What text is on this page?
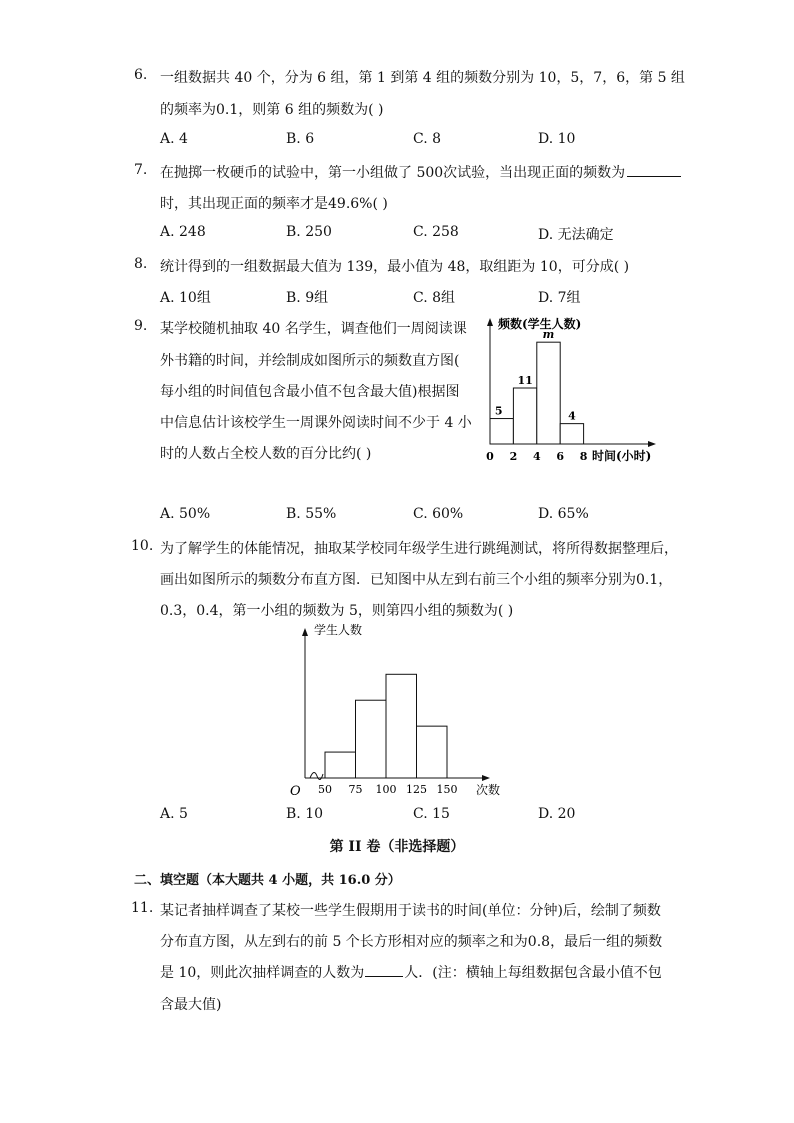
6. 一组数据共 40 个，分为 6 组，第 1 到第 4 组的频数分别为 10，5，7，6，第 5 组
的频率为0.1，则第 6 组的频数为( )
A. 4	B. 6	C. 8	D. 10
7. 在抛掷一枚硬币的试验中，第一小组做了 500次试验，当出现正面的频数为
时，其出现正面的频率才是49.6%( )
A. 248	B. 250	C. 258	D. 无法确定
8. 统计得到的一组数据最大值为 139，最小值为 48，取组距为 10，可分成( )
A. 10组	B. 9组	C. 8组	D. 7组
9. 某学校随机抽取 40 名学生，调查他们一周阅读课
外书籍的时间，并绘制成如图所示的频数直方图(
每小组的时间值包含最小值不包含最大值)根据图
中信息估计该校学生一周课外阅读时间不少于 4 小
时的人数占全校人数的百分比约( )
频数(学生人数)
5
11
m
4
0 2 4 6 8 时间(小时)
A. 50%	B. 55%	C. 60%	D. 65%
10. 为了解学生的体能情况，抽取某学校同年级学生进行跳绳测试，将所得数据整理后，
画出如图所示的频数分布直方图．已知图中从左到右前三个小组的频率分别为0.1，
0.3，0.4，第一小组的频数为 5，则第四小组的频数为( )
学生人数
O 50 75 100 125 150 次数
A. 5	B. 10	C. 15	D. 20
第 II 卷（非选择题）
二、填空题（本大题共 4 小题，共 16.0 分）
11. 某记者抽样调查了某校一些学生假期用于读书的时间(单位：分钟)后，绘制了频数
分布直方图，从左到右的前 5 个长方形相对应的频率之和为0.8，最后一组的频数
是 10，则此次抽样调查的人数为	人．(注：横轴上每组数据包含最小值不包
含最大值)
